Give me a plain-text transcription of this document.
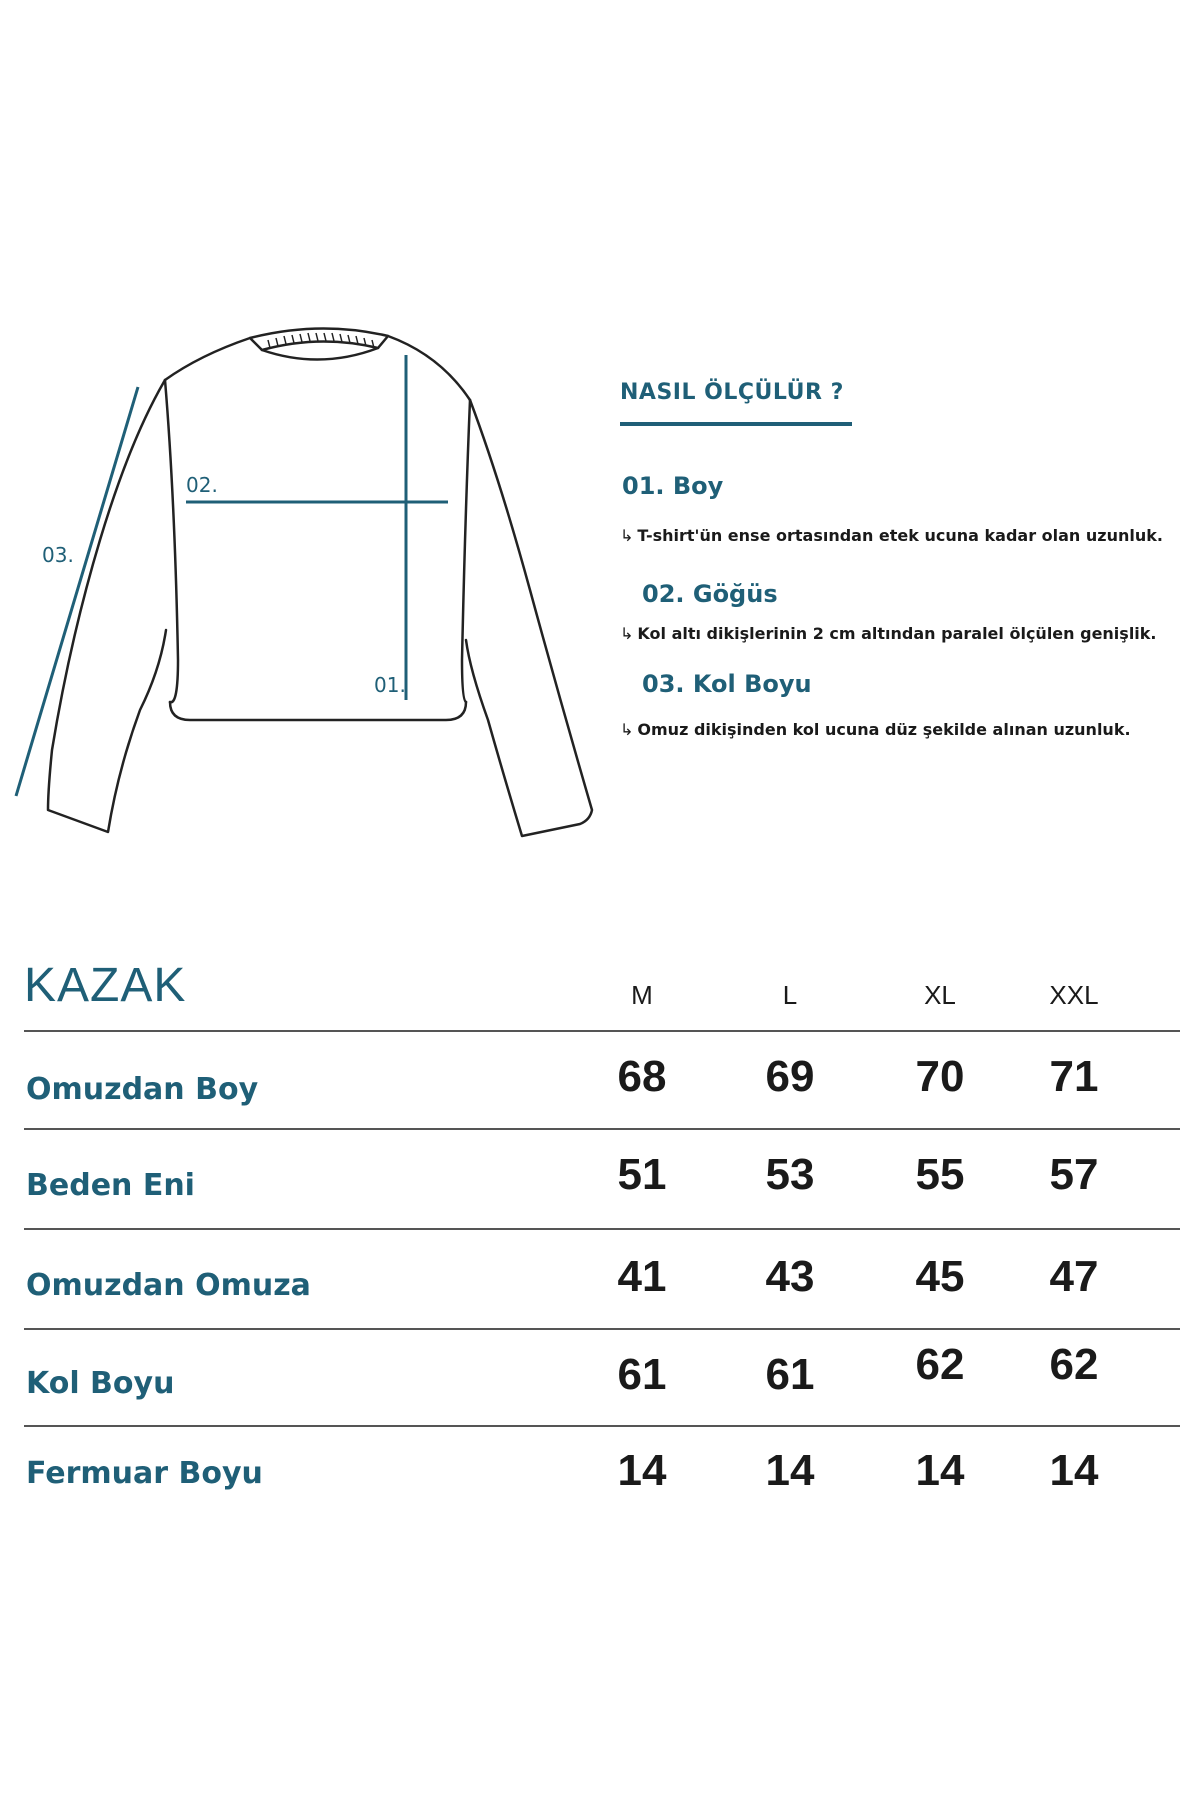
01.
02.
03.
NASIL ÖLÇÜLÜR ?
01. Boy
↳ T-shirt'ün ense ortasından etek ucuna kadar olan uzunluk.
02. Göğüs
↳ Kol altı dikişlerinin 2 cm altından paralel ölçülen genişlik.
03. Kol Boyu
↳ Omuz dikişinden kol ucuna düz şekilde alınan uzunluk.
KAZAK	M	L	XL	XXL
Omuzdan Boy	68	69	70	71
Beden Eni	51	53	55	57
Omuzdan Omuza	41	43	45	47
Kol Boyu	61	61	62	62
Fermuar Boyu	14	14	14	14
